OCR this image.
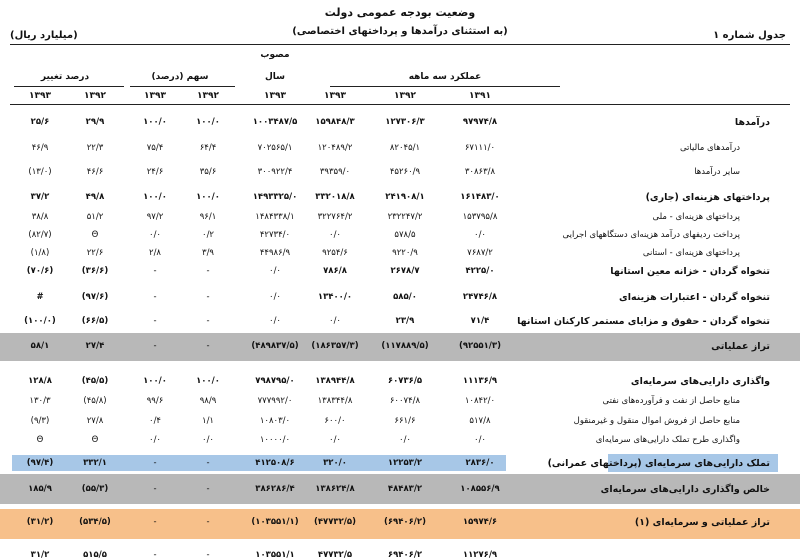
وضعیت بودجه عمومی دولت
(به استثنای درآمدها و پرداختهای اختصاصی)	جدول شماره ۱
(میلیارد ریال)
مصوب
سال	عملکرد سه ماهه
سهم (درصد)
درصد تغییر
۱۳۹۱
۱۳۹۲
۱۳۹۳
۱۳۹۳
۱۳۹۲
۱۳۹۳
۱۳۹۲
۱۳۹۳
درآمدها
۹۷۹۷۴/۸
۱۲۷۳۰۶/۳
۱۵۹۸۴۸/۳
۱۰۰۳۴۸۷/۵
۱۰۰/۰
۱۰۰/۰
۲۹/۹
۲۵/۶
درآمدهای مالیاتی
۶۷۱۱۱/۰
۸۲۰۴۵/۱
۱۲۰۴۸۹/۲
۷۰۲۵۶۵/۱
۶۴/۴
۷۵/۴
۲۲/۳
۴۶/۹
سایر درآمدها
۳۰۸۶۳/۸
۴۵۲۶۰/۹
۳۹۳۵۹/۰
۳۰۰۹۲۲/۴
۳۵/۶
۲۴/۶
۴۶/۶
(۱۳/۰)
پرداختهای هزینه‌ای (جاری)
۱۶۱۴۸۳/۰
۲۴۱۹۰۸/۱
۳۳۲۰۱۸/۸
۱۴۹۳۳۲۵/۰
۱۰۰/۰
۱۰۰/۰
۴۹/۸
۳۷/۲
پرداختهای هزینه‌ای - ملی
۱۵۳۷۹۵/۸
۲۳۲۲۴۷/۲
۳۲۲۷۶۴/۲
۱۴۸۴۳۳۸/۱
۹۶/۱
۹۷/۲
۵۱/۲
۳۸/۸
پرداخت ردیفهای درآمد هزینه‌ای دستگاههای اجرایی
۰/۰
۵۷۸/۵
۰/۰
۴۲۷۳۴/۰
۰/۲
۰/۰
Θ
(۸۲/۷)
پرداختهای هزینه‌ای - استانی
۷۶۸۷/۲
۹۲۲۰/۹
۹۲۵۴/۶
۴۴۹۸۶/۹
۳/۹
۲/۸
۲۲/۶
(۱/۸)
تنخواه گردان - خزانه معین استانها
۴۲۲۵/۰
۲۶۷۸/۷
۷۸۶/۸
۰/۰
-
-
(۳۶/۶)
(۷۰/۶)
تنخواه گردان - اعتبارات هزینه‌ای
۲۴۷۴۶/۸
۵۸۵/۰
۱۳۴۰۰/۰
۰/۰
-
-
(۹۷/۶)
#
تنخواه گردان - حقوق و مزایای مستمر کارکنان استانها
۷۱/۴
۲۳/۹
۰/۰
۰/۰
-
-
(۶۶/۵)
(۱۰۰/۰)
تراز عملیاتی
(۹۲۵۵۱/۳)
(۱۱۷۸۸۹/۵)
(۱۸۶۳۵۷/۳)
(۴۸۹۸۳۷/۵)
-
-
۲۷/۴
۵۸/۱
واگذاری دارایی‌های سرمایه‌ای
۱۱۱۳۶/۹
۶۰۷۳۶/۵
۱۳۸۹۴۴/۸
۷۹۸۷۹۵/۰
۱۰۰/۰
۱۰۰/۰
(۴۵/۵)
۱۲۸/۸
منابع حاصل از نفت و فرآورده‌های نفتی
۱۰۸۴۲/۰
۶۰۰۷۴/۸
۱۳۸۳۴۴/۸
۷۷۷۹۹۲/۰
۹۸/۹
۹۹/۶
(۴۵/۸)
۱۳۰/۳
منابع حاصل از فروش اموال منقول و غیرمنقول
۵۱۷/۸
۶۶۱/۶
۶۰۰/۰
۱۰۸۰۳/۰
۱/۱
۰/۴
۲۷/۸
(۹/۳)
واگذاری طرح تملک دارایی‌های سرمایه‌ای
۰/۰
۰/۰
۰/۰
۱۰۰۰۰/۰
۰/۰
۰/۰
Θ
Θ
تملک دارایی‌های سرمایه‌ای (پرداختهای عمرانی)
۲۸۳۶/۰
۱۲۲۵۳/۲
۳۲۰/۰
۴۱۲۵۰۸/۶
-
-
۳۳۲/۱
(۹۷/۴)
خالص واگذاری دارایی‌های سرمایه‌ای
۱۰۸۵۵۶/۹
۴۸۴۸۳/۲
۱۳۸۶۲۴/۸
۳۸۶۲۸۶/۴
-
-
(۵۵/۳)
۱۸۵/۹
تراز عملیاتی و سرمایه‌ای (۱)
۱۵۹۷۴/۶
(۶۹۴۰۶/۲)
(۴۷۷۳۲/۵)
(۱۰۳۵۵۱/۱)
-
-
(۵۳۴/۵)
(۳۱/۲)
۱۱۲۷۶/۹
۶۹۴۰۶/۲
۴۷۷۳۲/۵
۱۰۳۵۵۱/۱
-
-
۵۱۵/۵
۳۱/۲
